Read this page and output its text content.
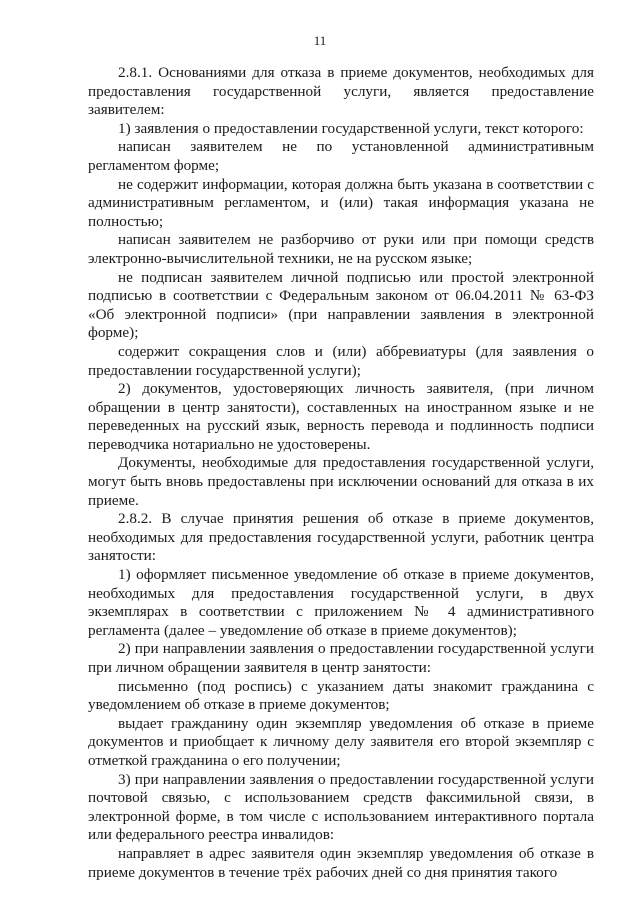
11

2.8.1. Основаниями для отказа в приеме документов, необходимых для предоставления государственной услуги, является предоставление заявителем:

1) заявления о предоставлении государственной услуги, текст которого:

написан заявителем не по установленной административным регламентом форме;

не содержит информации, которая должна быть указана в соответствии с административным регламентом, и (или) такая информация указана не полностью;

написан заявителем не разборчиво от руки или при помощи средств электронно-вычислительной техники, не на русском языке;

не подписан заявителем личной подписью или простой электронной подписью в соответствии с Федеральным законом от 06.04.2011 № 63-ФЗ «Об электронной подписи» (при направлении заявления в электронной форме);

содержит сокращения слов и (или) аббревиатуры (для заявления о предоставлении государственной услуги);

2) документов, удостоверяющих личность заявителя, (при личном обращении в центр занятости), составленных на иностранном языке и не переведенных на русский язык, верность перевода и подлинность подписи переводчика нотариально не удостоверены.

Документы, необходимые для предоставления государственной услуги, могут быть вновь предоставлены при исключении оснований для отказа в их приеме.

2.8.2. В случае принятия решения об отказе в приеме документов, необходимых для предоставления государственной услуги, работник центра занятости:

1) оформляет письменное уведомление об отказе в приеме документов, необходимых для предоставления государственной услуги, в двух экземплярах в соответствии с приложением № 4 административного регламента (далее – уведомление об отказе в приеме документов);

2) при направлении заявления о предоставлении государственной услуги при личном обращении заявителя в центр занятости:

письменно (под роспись) с указанием даты знакомит гражданина с уведомлением об отказе в приеме документов;

выдает гражданину один экземпляр уведомления об отказе в приеме документов и приобщает к личному делу заявителя его второй экземпляр с отметкой гражданина о его получении;

3) при направлении заявления о предоставлении государственной услуги почтовой связью, с использованием средств факсимильной связи, в электронной форме, в том числе с использованием интерактивного портала или федерального реестра инвалидов:

направляет в адрес заявителя один экземпляр уведомления об отказе в приеме документов в течение трёх рабочих дней со дня принятия такого
